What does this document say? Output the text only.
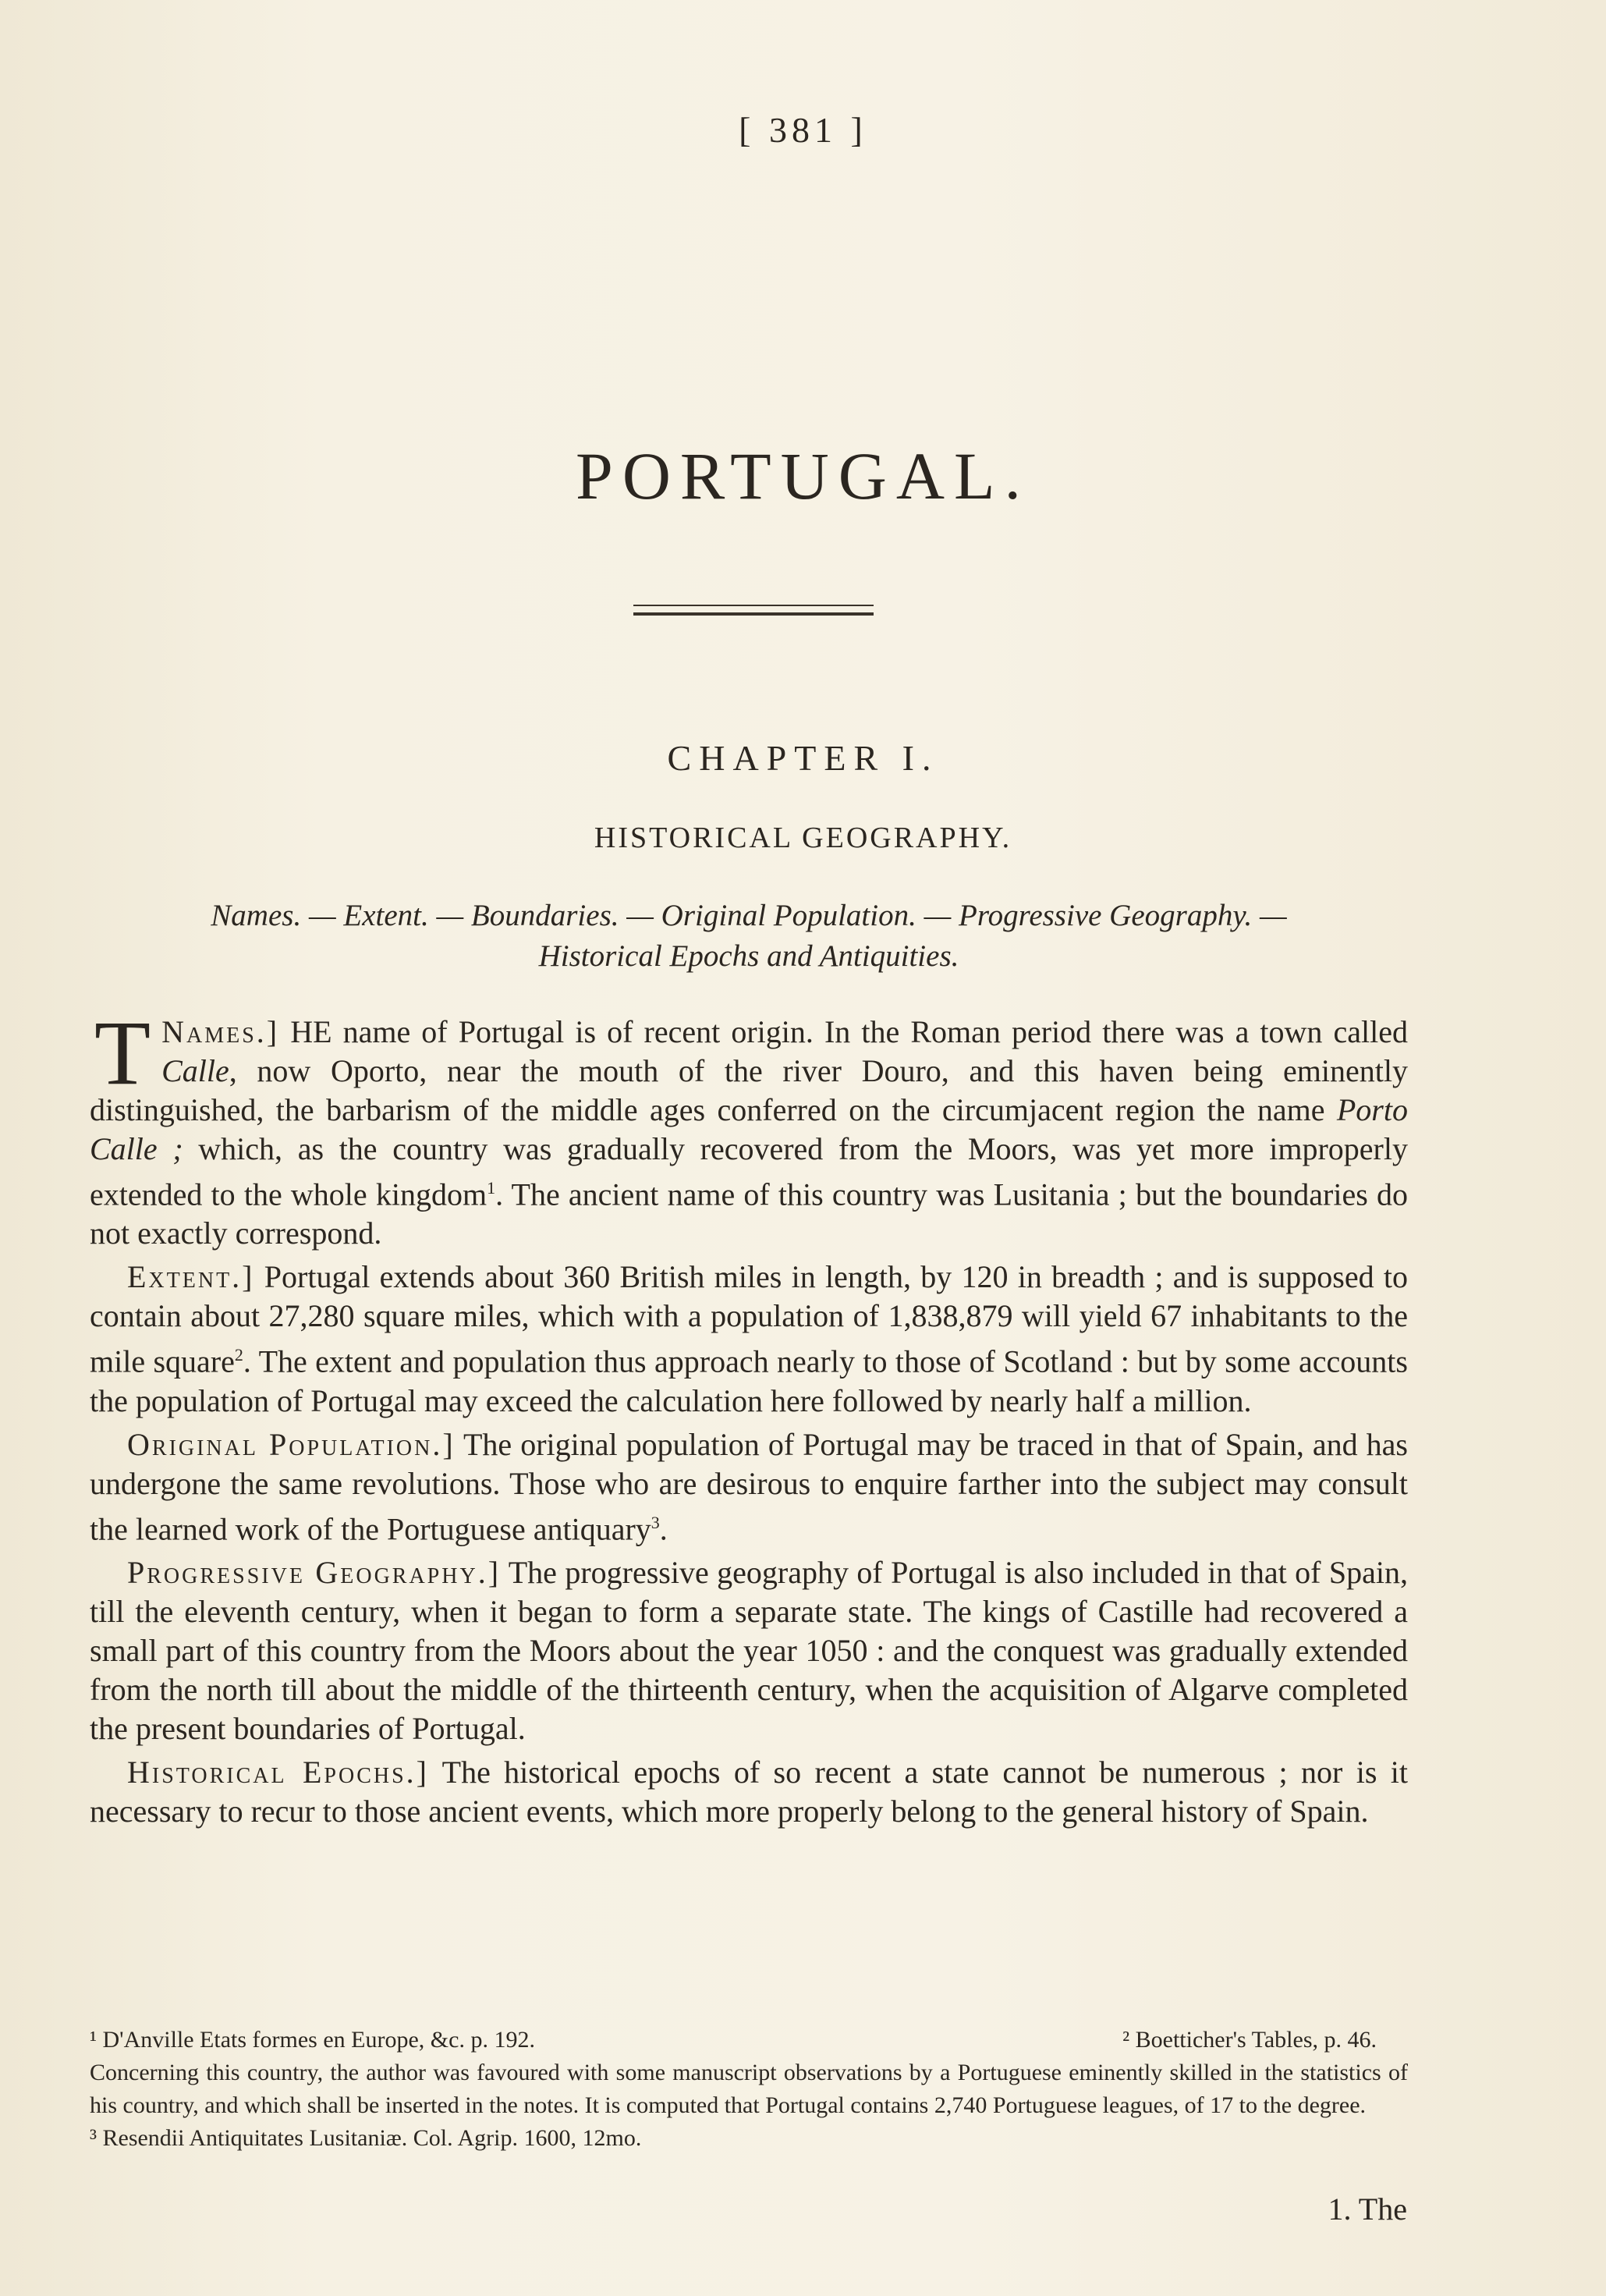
[ 381 ]
PORTUGAL.
CHAPTER I.
HISTORICAL GEOGRAPHY.
Names. — Extent. — Boundaries. — Original Population. — Progressive Geography. —
Historical Epochs and Antiquities.

Names.]
T	HE name of Portugal is of recent origin. In the Roman period there was a town called Calle, now Oporto, near the mouth of the river Douro, and this haven being eminently distinguished, the barbarism of the middle ages conferred on the circumjacent region the name Porto Calle ; which, as the country was gradually recovered from the Moors, was yet more improperly extended to the whole kingdom$^1$. The ancient name of this country was Lusitania ; but the boundaries do not exactly correspond.

Extent.] Portugal extends about 360 British miles in length, by 120 in breadth ; and is supposed to contain about 27,280 square miles, which with a population of 1,838,879 will yield 67 inhabitants to the mile square$^2$. The extent and population thus approach nearly to those of Scotland : but by some accounts the population of Portugal may exceed the calculation here followed by nearly half a million.

Original Population.] The original population of Portugal may be traced in that of Spain, and has undergone the same revolutions. Those who are desirous to enquire farther into the subject may consult the learned work of the Portuguese antiquary$^3$.

Progressive Geography.] The progressive geography of Portugal is also included in that of Spain, till the eleventh century, when it began to form a separate state. The kings of Castille had recovered a small part of this country from the Moors about the year 1050 : and the conquest was gradually extended from the north till about the middle of the thirteenth century, when the acquisition of Algarve completed the present boundaries of Portugal.

Historical Epochs.] The historical epochs of so recent a state cannot be numerous ; nor is it necessary to recur to those ancient events, which more properly belong to the general history of Spain.

¹ D'Anville Etats formes en Europe, &c. p. 192.	² Boetticher's Tables, p. 46.

Concerning this country, the author was favoured with some manuscript observations by a Portuguese eminently skilled in the statistics of his country, and which shall be inserted in the notes. It is computed that Portugal contains 2,740 Portuguese leagues, of 17 to the degree.

³ Resendii Antiquitates Lusitaniæ. Col. Agrip. 1600, 12mo.

1. The
